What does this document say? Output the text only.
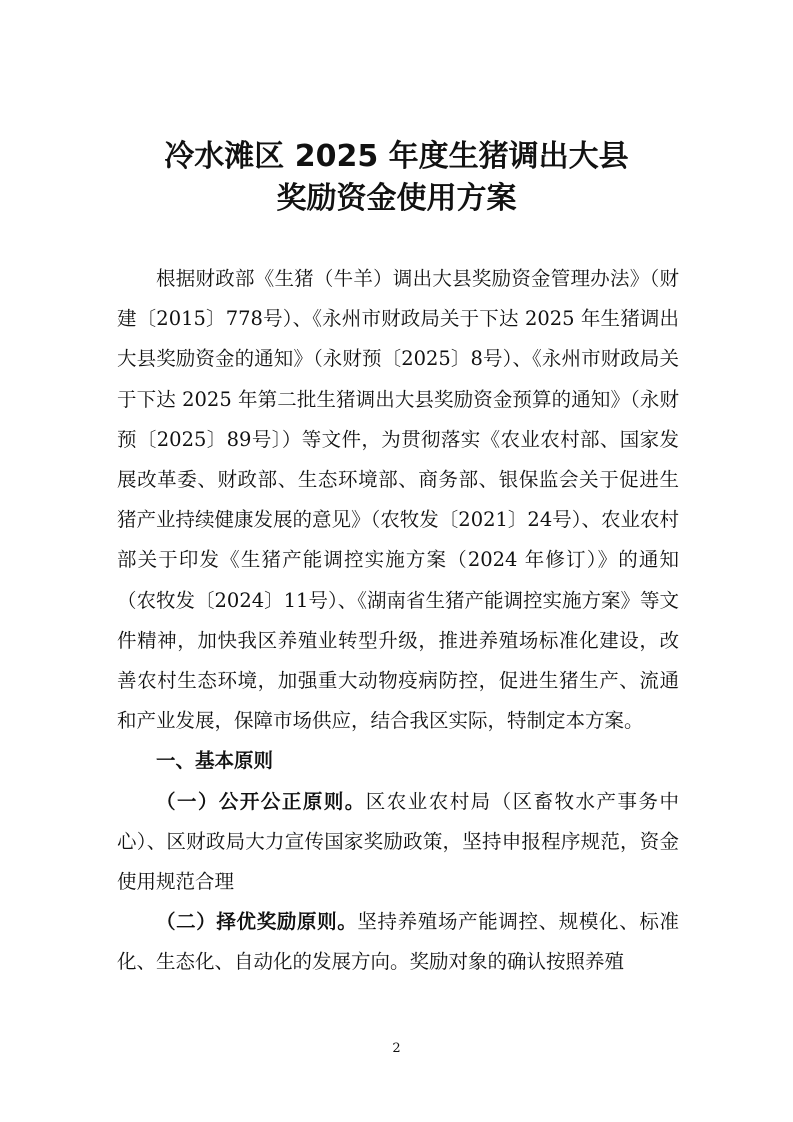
冷水滩区 2025 年度生猪调出大县
奖励资金使用方案

根据财政部《生猪（牛羊）调出大县奖励资金管理办法》（财建〔2015〕778号）、《永州市财政局关于下达 2025 年生猪调出大县奖励资金的通知》（永财预〔2025〕8号）、《永州市财政局关于下达 2025 年第二批生猪调出大县奖励资金预算的通知》（永财预〔2025〕89号〕）等文件，为贯彻落实《农业农村部、国家发展改革委、财政部、生态环境部、商务部、银保监会关于促进生猪产业持续健康发展的意见》（农牧发〔2021〕24号）、农业农村部关于印发《生猪产能调控实施方案（2024 年修订）》的通知（农牧发〔2024〕11号）、《湖南省生猪产能调控实施方案》等文件精神，加快我区养殖业转型升级，推进养殖场标准化建设，改善农村生态环境，加强重大动物疫病防控，促进生猪生产、流通和产业发展，保障市场供应，结合我区实际，特制定本方案。

一、基本原则

（一）公开公正原则。区农业农村局（区畜牧水产事务中心）、区财政局大力宣传国家奖励政策，坚持申报程序规范，资金使用规范合理

（二）择优奖励原则。坚持养殖场产能调控、规模化、标准化、生态化、自动化的发展方向。奖励对象的确认按照养殖

2
